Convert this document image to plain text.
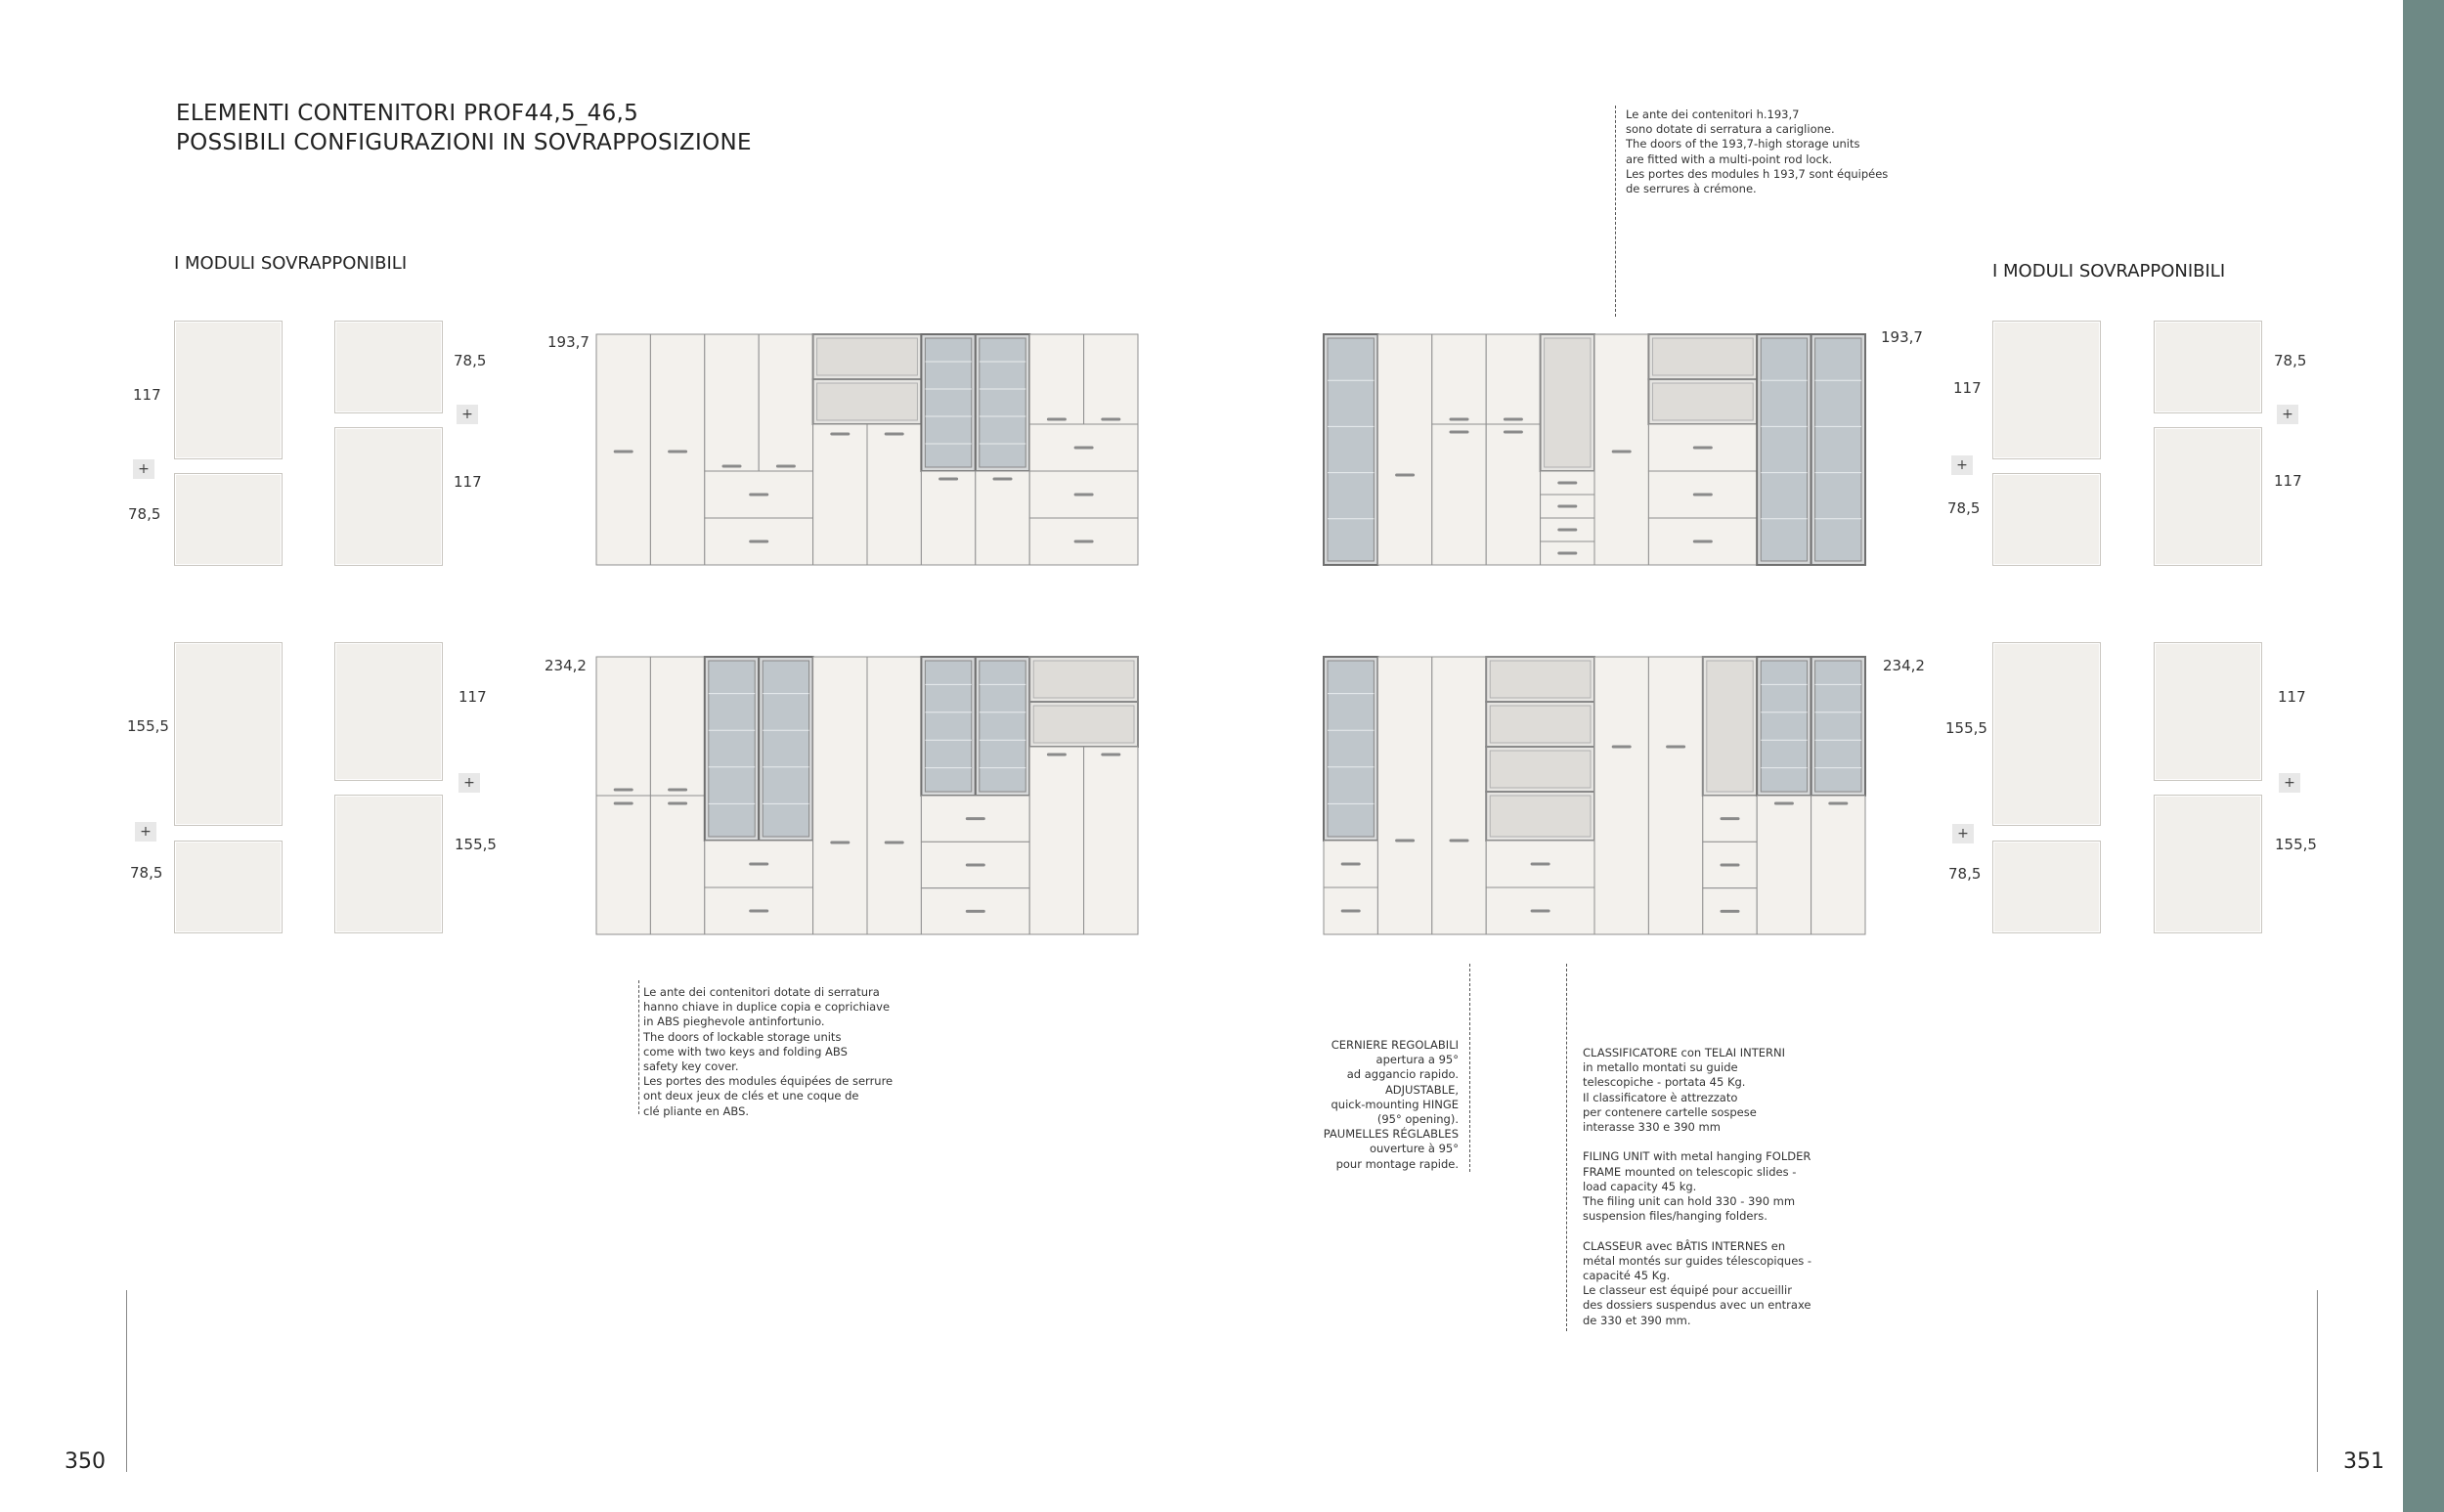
ELEMENTI CONTENITORI PROF44,5_46,5
POSSIBILI CONFIGURAZIONI IN SOVRAPPOSIZIONE
Le ante dei contenitori h.193,7
sono dotate di serratura a cariglione.
The doors of the 193,7-high storage units
are fitted with a multi-point rod lock.
Les portes des modules h 193,7 sont équipées
de serrures à crémone.
I MODULI SOVRAPPONIBILI
117
78,5
78,5
117
+
+
155,5
78,5
117
155,5
+
+
I MODULI SOVRAPPONIBILI
117
78,5
78,5
117
+
+
155,5
78,5
117
155,5
+
+
193,7	193,7
234,2	234,2
Le ante dei contenitori dotate di serratura
hanno chiave in duplice copia e coprichiave
in ABS pieghevole antinfortunio.
The doors of lockable storage units
come with two keys and folding ABS
safety key cover.
Les portes des modules équipées de serrure
ont deux jeux de clés et une coque de
clé pliante en ABS.
CERNIERE REGOLABILI
apertura a 95°
ad aggancio rapido.
ADJUSTABLE,
quick-mounting HINGE
(95° opening).
PAUMELLES RÉGLABLES
ouverture à 95°
pour montage rapide.
CLASSIFICATORE con TELAI INTERNI
in metallo montati su guide
telescopiche - portata 45 Kg.
Il classificatore è attrezzato
per contenere cartelle sospese
interasse 330 e 390 mm

FILING UNIT with metal hanging FOLDER
FRAME mounted on telescopic slides -
load capacity 45 kg.
The filing unit can hold 330 - 390 mm
suspension files/hanging folders.

CLASSEUR avec BÂTIS INTERNES en
métal montés sur guides télescopiques -
capacité 45 Kg.
Le classeur est équipé pour accueillir
des dossiers suspendus avec un entraxe
de 330 et 390 mm.
350	351
